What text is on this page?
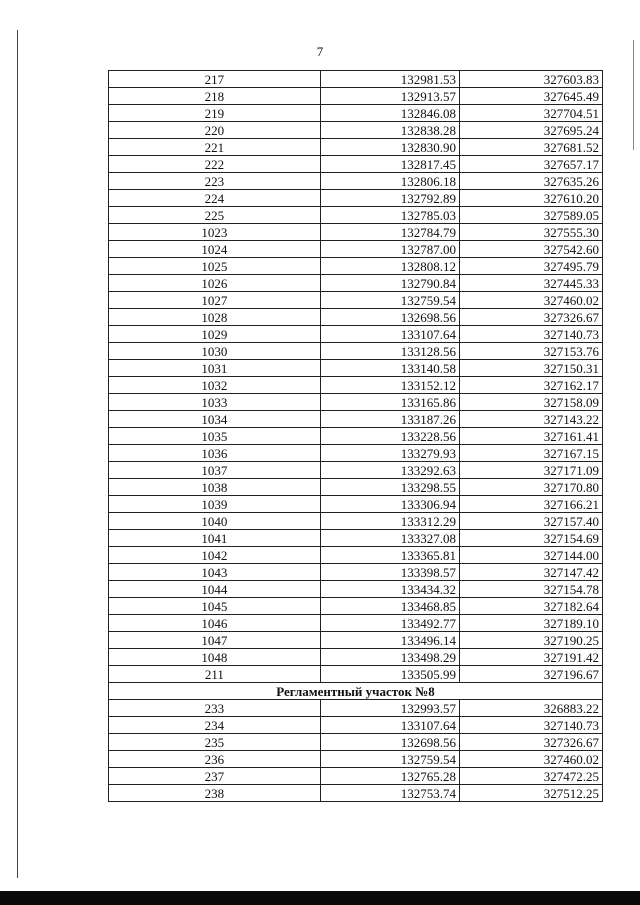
7
217	132981.53	327603.83
218	132913.57	327645.49
219	132846.08	327704.51
220	132838.28	327695.24
221	132830.90	327681.52
222	132817.45	327657.17
223	132806.18	327635.26
224	132792.89	327610.20
225	132785.03	327589.05
1023	132784.79	327555.30
1024	132787.00	327542.60
1025	132808.12	327495.79
1026	132790.84	327445.33
1027	132759.54	327460.02
1028	132698.56	327326.67
1029	133107.64	327140.73
1030	133128.56	327153.76
1031	133140.58	327150.31
1032	133152.12	327162.17
1033	133165.86	327158.09
1034	133187.26	327143.22
1035	133228.56	327161.41
1036	133279.93	327167.15
1037	133292.63	327171.09
1038	133298.55	327170.80
1039	133306.94	327166.21
1040	133312.29	327157.40
1041	133327.08	327154.69
1042	133365.81	327144.00
1043	133398.57	327147.42
1044	133434.32	327154.78
1045	133468.85	327182.64
1046	133492.77	327189.10
1047	133496.14	327190.25
1048	133498.29	327191.42
211	133505.99	327196.67
Регламентный участок №8		
233	132993.57	326883.22
234	133107.64	327140.73
235	132698.56	327326.67
236	132759.54	327460.02
237	132765.28	327472.25
238	132753.74	327512.25
